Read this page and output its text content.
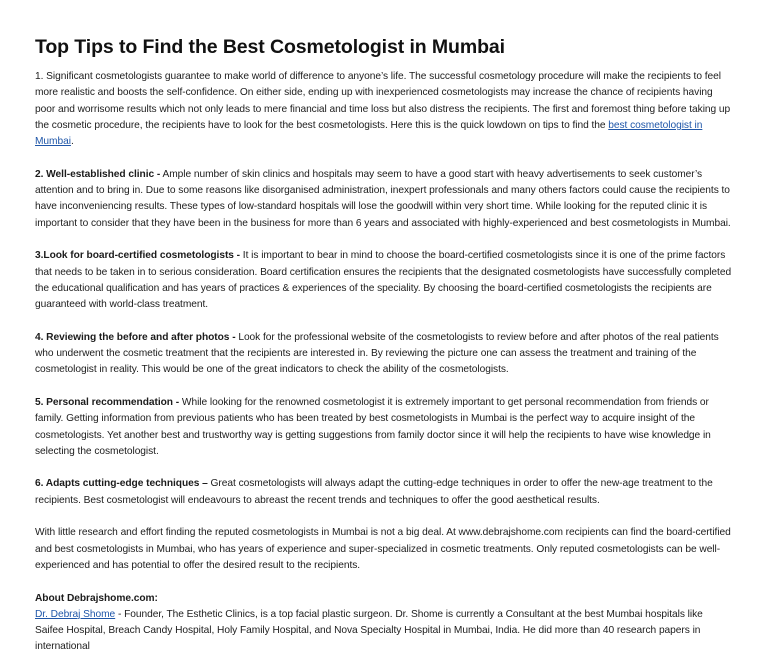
Top Tips to Find the Best Cosmetologist in Mumbai

1. Significant cosmetologists guarantee to make world of difference to anyone’s life. The successful cosmetology procedure will make the recipients to feel more realistic and boosts the self-confidence. On either side, ending up with inexperienced cosmetologists may increase the chance of recipients having poor and worrisome results which not only leads to mere financial and time loss but also distress the recipients. The first and foremost thing before taking up the cosmetic procedure, the recipients have to look for the best cosmetologists. Here this is the quick lowdown on tips to find the best cosmetologist in Mumbai.

2. Well-established clinic - Ample number of skin clinics and hospitals may seem to have a good start with heavy advertisements to seek customer’s attention and to bring in. Due to some reasons like disorganised administration, inexpert professionals and many others factors could cause the recipients to have inconveniencing results. These types of low-standard hospitals will lose the goodwill within very short time. While looking for the reputed clinic it is important to consider that they have been in the business for more than 6 years and associated with highly-experienced and best cosmetologists in Mumbai.

3.Look for board-certified cosmetologists - It is important to bear in mind to choose the board-certified cosmetologists since it is one of the prime factors that needs to be taken in to serious consideration. Board certification ensures the recipients that the designated cosmetologists have successfully completed the educational qualification and has years of practices & experiences of the speciality. By choosing the board-certified cosmetologists the recipients are guaranteed with world-class treatment.

4. Reviewing the before and after photos - Look for the professional website of the cosmetologists to review before and after photos of the real patients who underwent the cosmetic treatment that the recipients are interested in. By reviewing the picture one can assess the treatment and training of the cosmetologist in reality. This would be one of the great indicators to check the ability of the cosmetologists.

5. Personal recommendation - While looking for the renowned cosmetologist it is extremely important to get personal recommendation from friends or family. Getting information from previous patients who has been treated by best cosmetologists in Mumbai is the perfect way to acquire insight of the cosmetologists. Yet another best and trustworthy way is getting suggestions from family doctor since it will help the recipients to have wise knowledge in selecting the cosmetologist.

6. Adapts cutting-edge techniques – Great cosmetologists will always adapt the cutting-edge techniques in order to offer the new-age treatment to the recipients. Best cosmetologist will endeavours to abreast the recent trends and techniques to offer the good aesthetical results.

With little research and effort finding the reputed cosmetologists in Mumbai is not a big deal. At www.debrajshome.com recipients can find the board-certified and best cosmetologists in Mumbai, who has years of experience and super-specialized in cosmetic treatments. Only reputed cosmetologists can be well-experienced and has potential to offer the desired result to the recipients.

About Debrajshome.com:
Dr. Debraj Shome - Founder, The Esthetic Clinics, is a top facial plastic surgeon. Dr. Shome is currently a Consultant at the best Mumbai hospitals like Saifee Hospital, Breach Candy Hospital, Holy Family Hospital, and Nova Specialty Hospital in Mumbai, India. He did more than 40 research papers in international
